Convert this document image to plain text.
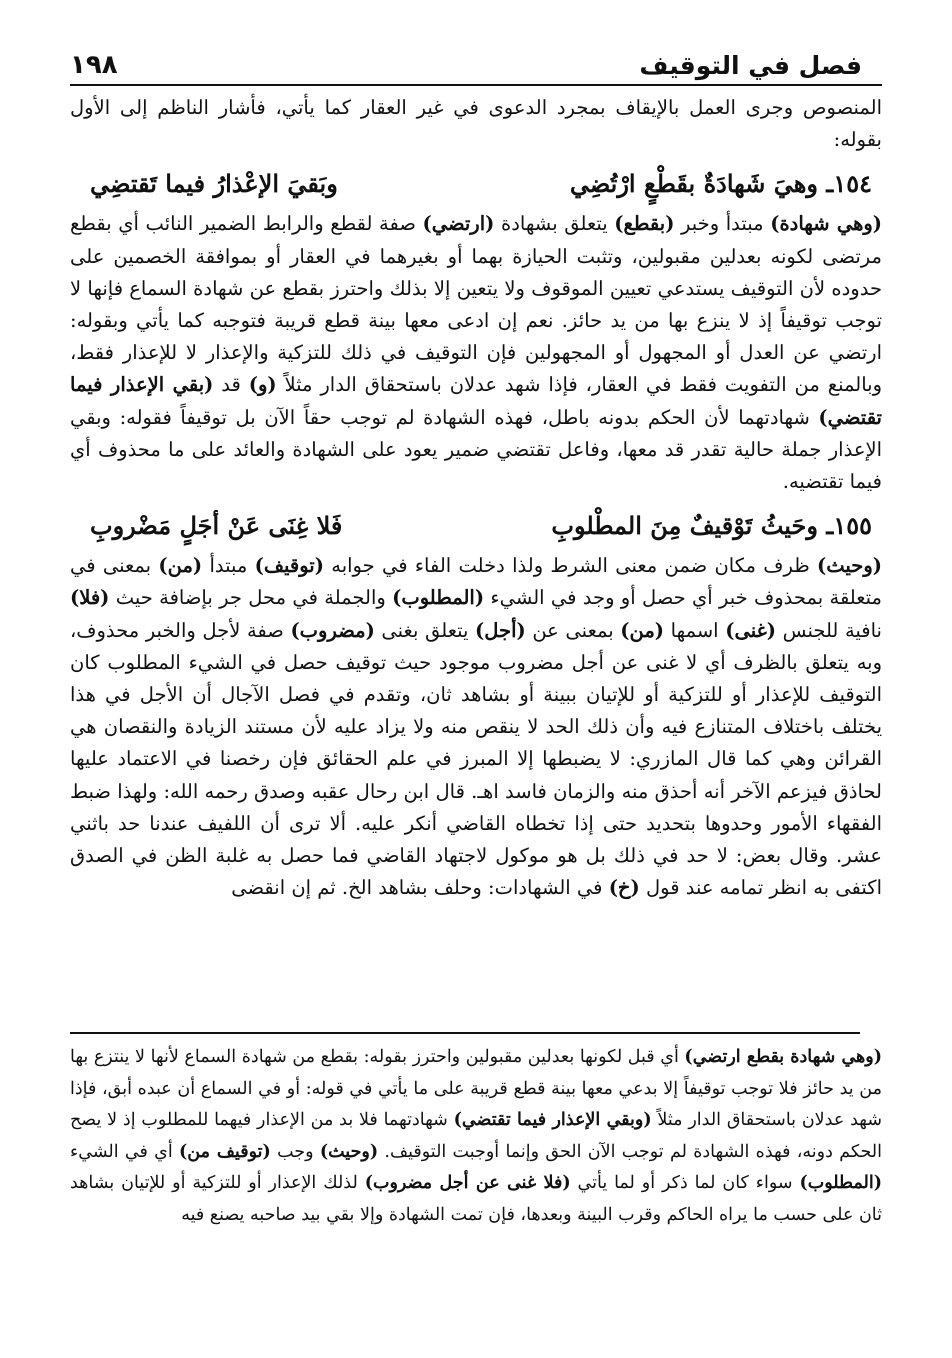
فصل في التوقيف
١٩٨

المنصوص وجرى العمل بالإيقاف بمجرد الدعوى في غير العقار كما يأتي، فأشار الناظم إلى الأول بقوله:

١٥٤ـ وهيَ شَهادَةٌ بقَطْعٍ ارْتُضِي
وبَقيَ الإعْذارُ فيما تَقتضِي

(وهي شهادة) مبتدأ وخبر (بقطع) يتعلق بشهادة (ارتضي) صفة لقطع والرابط الضمير النائب أي بقطع مرتضى لكونه بعدلين مقبولين، وتثبت الحيازة بهما أو بغيرهما في العقار أو بموافقة الخصمين على حدوده لأن التوقيف يستدعي تعيين الموقوف ولا يتعين إلا بذلك واحترز بقطع عن شهادة السماع فإنها لا توجب توقيفاً إذ لا ينزع بها من يد حائز. نعم إن ادعى معها بينة قطع قريبة فتوجبه كما يأتي وبقوله: ارتضي عن العدل أو المجهول أو المجهولين فإن التوقيف في ذلك للتزكية والإعذار لا للإعذار فقط، وبالمنع من التفويت فقط في العقار، فإذا شهد عدلان باستحقاق الدار مثلاً (و) قد (بقي الإعذار فيما تقتضي) شهادتهما لأن الحكم بدونه باطل، فهذه الشهادة لم توجب حقاً الآن بل توقيفاً فقوله: وبقي الإعذار جملة حالية تقدر قد معها، وفاعل تقتضي ضمير يعود على الشهادة والعائد على ما محذوف أي فيما تقتضيه.

١٥٥ـ وحَيثُ تَوْقيفٌ مِنَ المطْلوبِ
فَلا غِنَى عَنْ أجَلٍ مَضْروبِ

(وحيث) ظرف مكان ضمن معنى الشرط ولذا دخلت الفاء في جوابه (توقيف) مبتدأ (من) بمعنى في متعلقة بمحذوف خبر أي حصل أو وجد في الشيء (المطلوب) والجملة في محل جر بإضافة حيث (فلا) نافية للجنس (غنى) اسمها (من) بمعنى عن (أجل) يتعلق بغنى (مضروب) صفة لأجل والخبر محذوف، وبه يتعلق بالظرف أي لا غنى عن أجل مضروب موجود حيث توقيف حصل في الشيء المطلوب كان التوقيف للإعذار أو للتزكية أو للإتيان ببينة أو بشاهد ثان، وتقدم في فصل الآجال أن الأجل في هذا يختلف باختلاف المتنازع فيه وأن ذلك الحد لا ينقص منه ولا يزاد عليه لأن مستند الزيادة والنقصان هي القرائن وهي كما قال المازري: لا يضبطها إلا المبرز في علم الحقائق فإن رخصنا في الاعتماد عليها لحاذق فيزعم الآخر أنه أحذق منه والزمان فاسد اهـ. قال ابن رحال عقبه وصدق رحمه الله: ولهذا ضبط الفقهاء الأمور وحدوها بتحديد حتى إذا تخطاه القاضي أنكر عليه. ألا ترى أن اللفيف عندنا حد باثني عشر. وقال بعض: لا حد في ذلك بل هو موكول لاجتهاد القاضي فما حصل به غلبة الظن في الصدق اكتفى به انظر تمامه عند قول (خ) في الشهادات: وحلف بشاهد الخ. ثم إن انقضى

(وهي شهادة بقطع ارتضي) أي قبل لكونها بعدلين مقبولين واحترز بقوله: بقطع من شهادة السماع لأنها لا ينتزع بها من يد حائز فلا توجب توقيفاً إلا بدعي معها بينة قطع قريبة على ما يأتي في قوله: أو في السماع أن عبده أبق، فإذا شهد عدلان باستحقاق الدار مثلاً (وبقي الإعذار فيما تقتضي) شهادتهما فلا بد من الإعذار فيهما للمطلوب إذ لا يصح الحكم دونه، فهذه الشهادة لم توجب الآن الحق وإنما أوجبت التوقيف. (وحيث) وجب (توقيف من) أي في الشيء (المطلوب) سواء كان لما ذكر أو لما يأتي (فلا غنى عن أجل مضروب) لذلك الإعذار أو للتزكية أو للإتيان بشاهد ثان على حسب ما يراه الحاكم وقرب البينة وبعدها، فإن تمت الشهادة وإلا بقي بيد صاحبه يصنع فيه
